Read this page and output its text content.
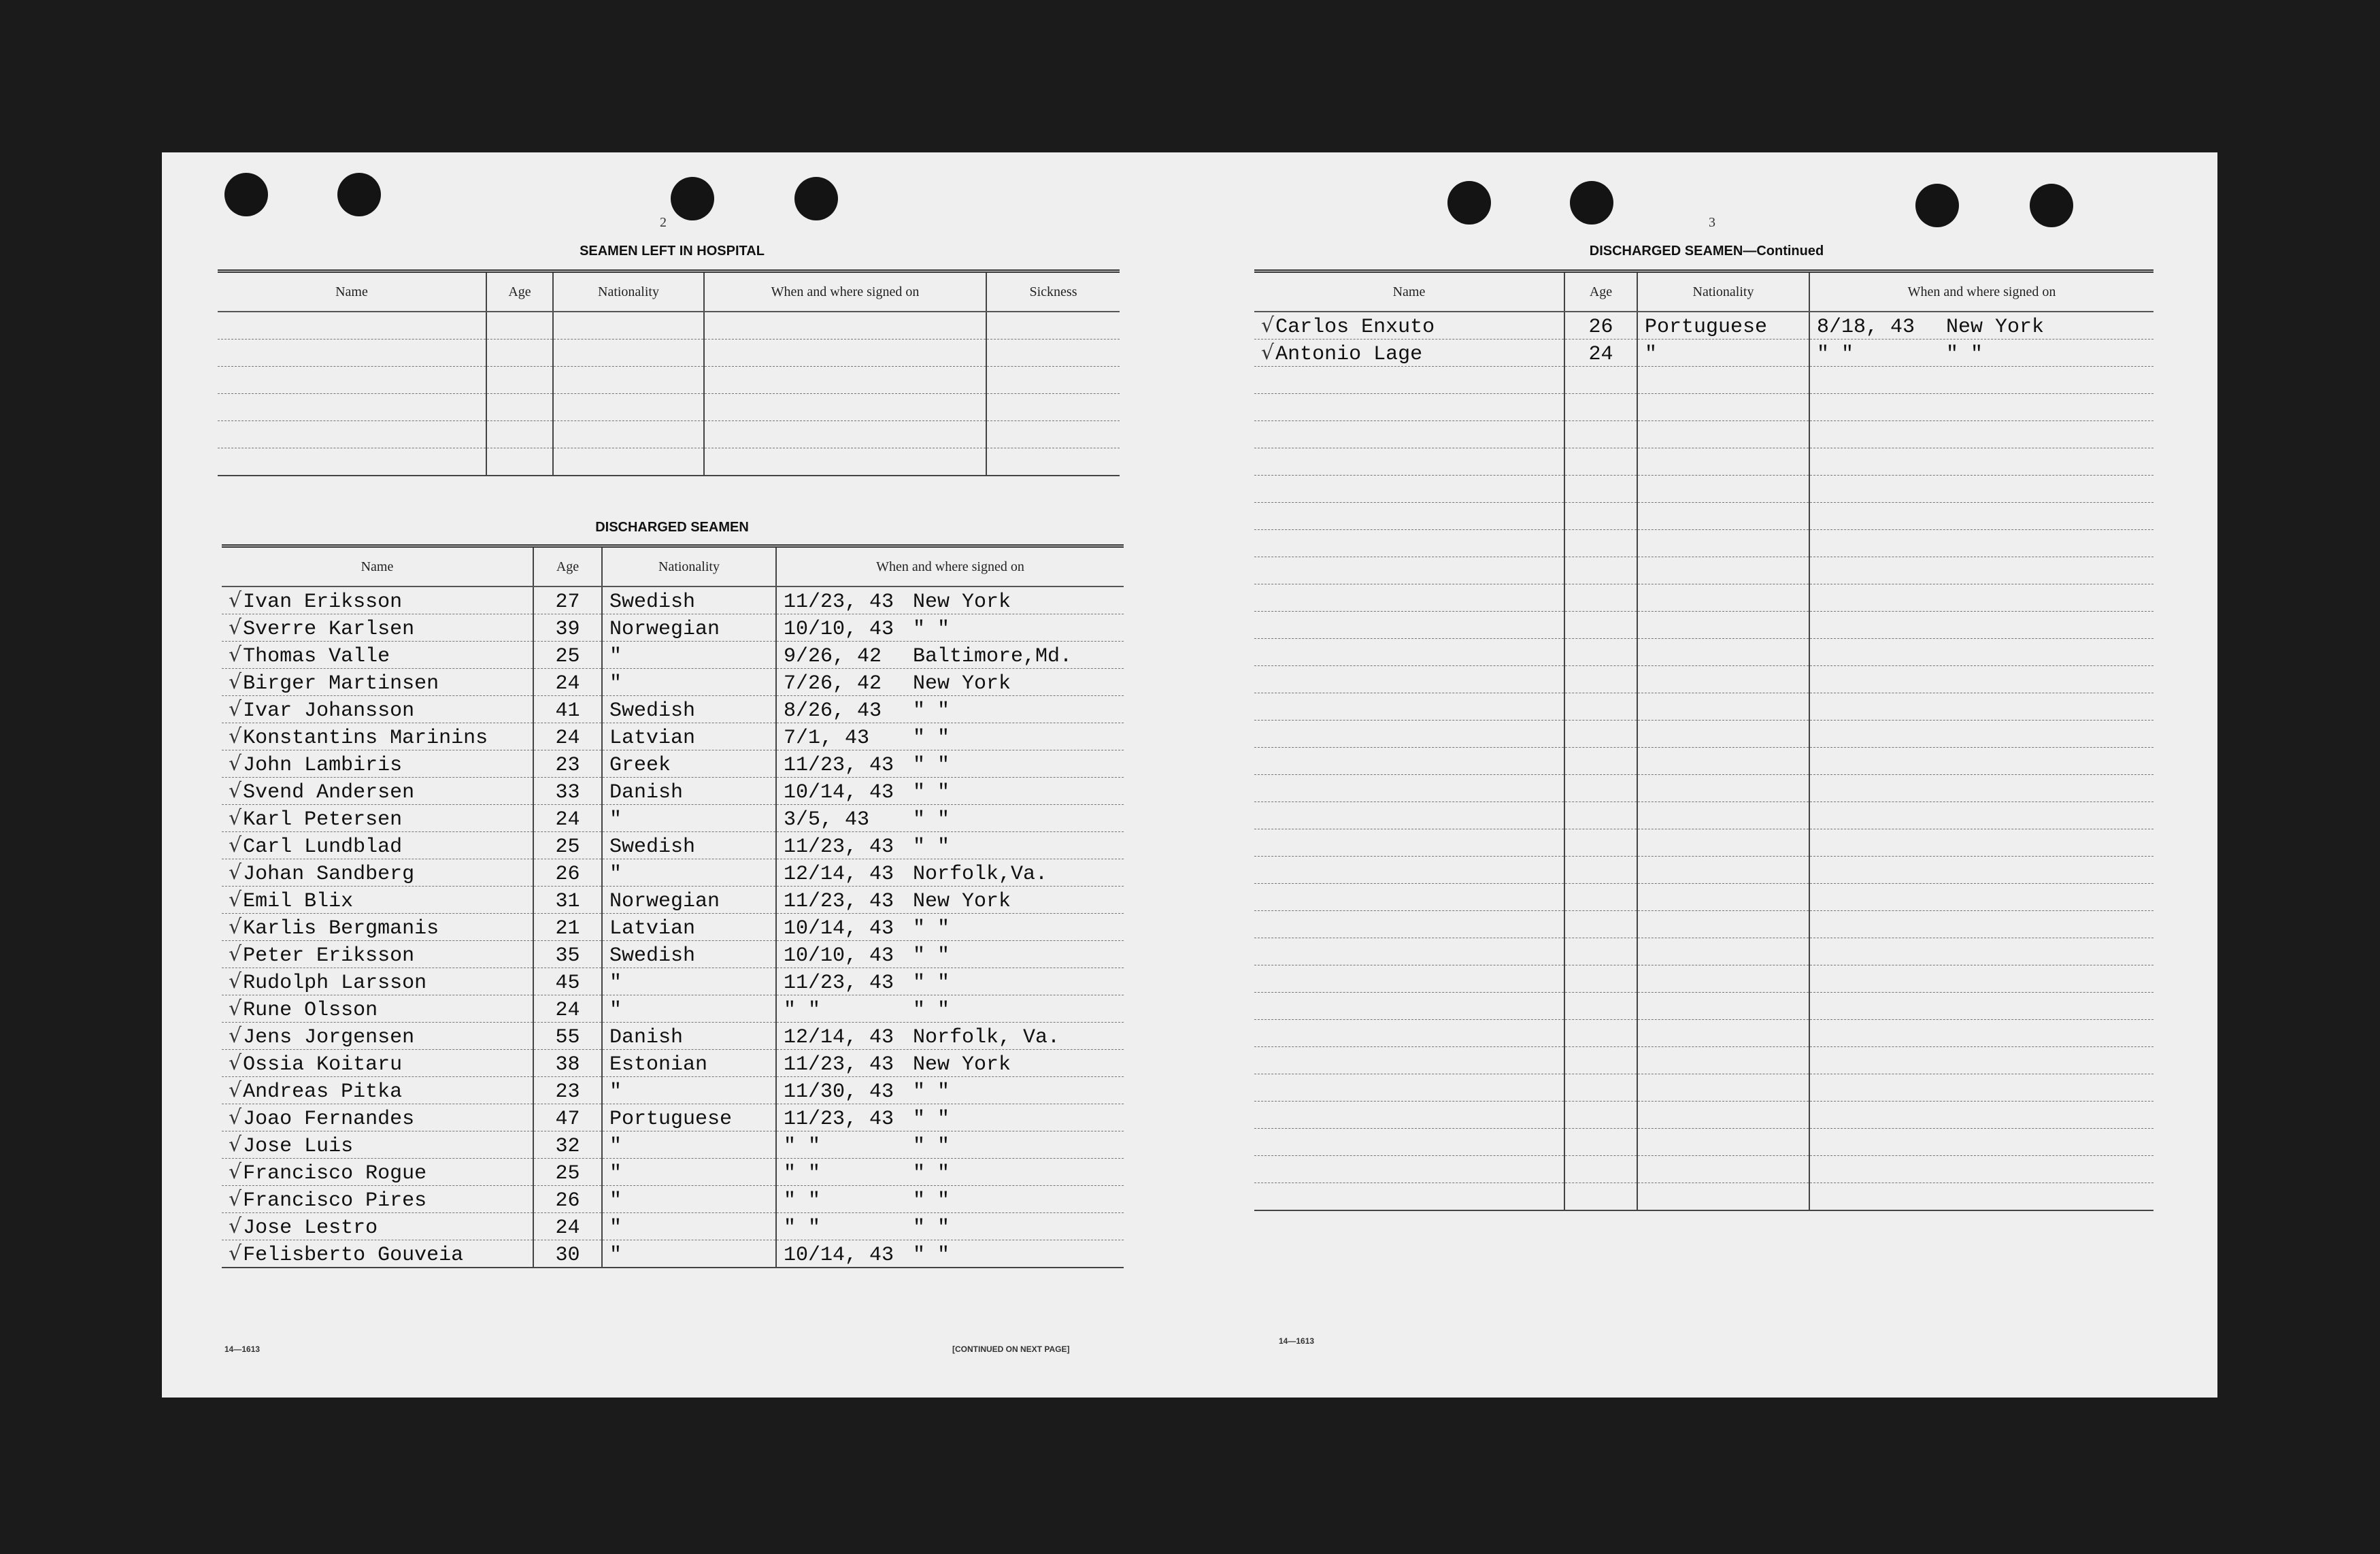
2
SEAMEN LEFT IN HOSPITAL
Name	Age	Nationality	When and where signed on	Sickness

DISCHARGED SEAMEN
Name	Age	Nationality	When and where signed on
√Ivan Eriksson	27	Swedish	11/23, 43 New York
√Sverre Karlsen	39	Norwegian	10/10, 43 " "
√Thomas Valle	25	"	9/26, 42 Baltimore,Md.
√Birger Martinsen	24	"	7/26, 42 New York
√Ivar Johansson	41	Swedish	8/26, 43 " "
√Konstantins Marinins	24	Latvian	7/1, 43 " "
√John Lambiris	23	Greek	11/23, 43 " "
√Svend Andersen	33	Danish	10/14, 43 " "
√Karl Petersen	24	"	3/5, 43 " "
√Carl Lundblad	25	Swedish	11/23, 43 " "
√Johan Sandberg	26	"	12/14, 43 Norfolk,Va.
√Emil Blix	31	Norwegian	11/23, 43 New York
√Karlis Bergmanis	21	Latvian	10/14, 43 " "
√Peter Eriksson	35	Swedish	10/10, 43 " "
√Rudolph Larsson	45	"	11/23, 43 " "
√Rune Olsson	24	"	" " " "
√Jens Jorgensen	55	Danish	12/14, 43 Norfolk, Va.
√Ossia Koitaru	38	Estonian	11/23, 43 New York
√Andreas Pitka	23	"	11/30, 43 " "
√Joao Fernandes	47	Portuguese	11/23, 43 " "
√Jose Luis	32	"	" " " "
√Francisco Rogue	25	"	" " " "
√Francisco Pires	26	"	" " " "
√Jose Lestro	24	"	" " " "
√Felisberto Gouveia	30	"	10/14, 43 " "
14—1613	[CONTINUED ON NEXT PAGE]
3
DISCHARGED SEAMEN—Continued
Name	Age	Nationality	When and where signed on
√Carlos Enxuto	26	Portuguese	8/18, 43 New York
√Antonio Lage	24	"	" " " "

14—1613
